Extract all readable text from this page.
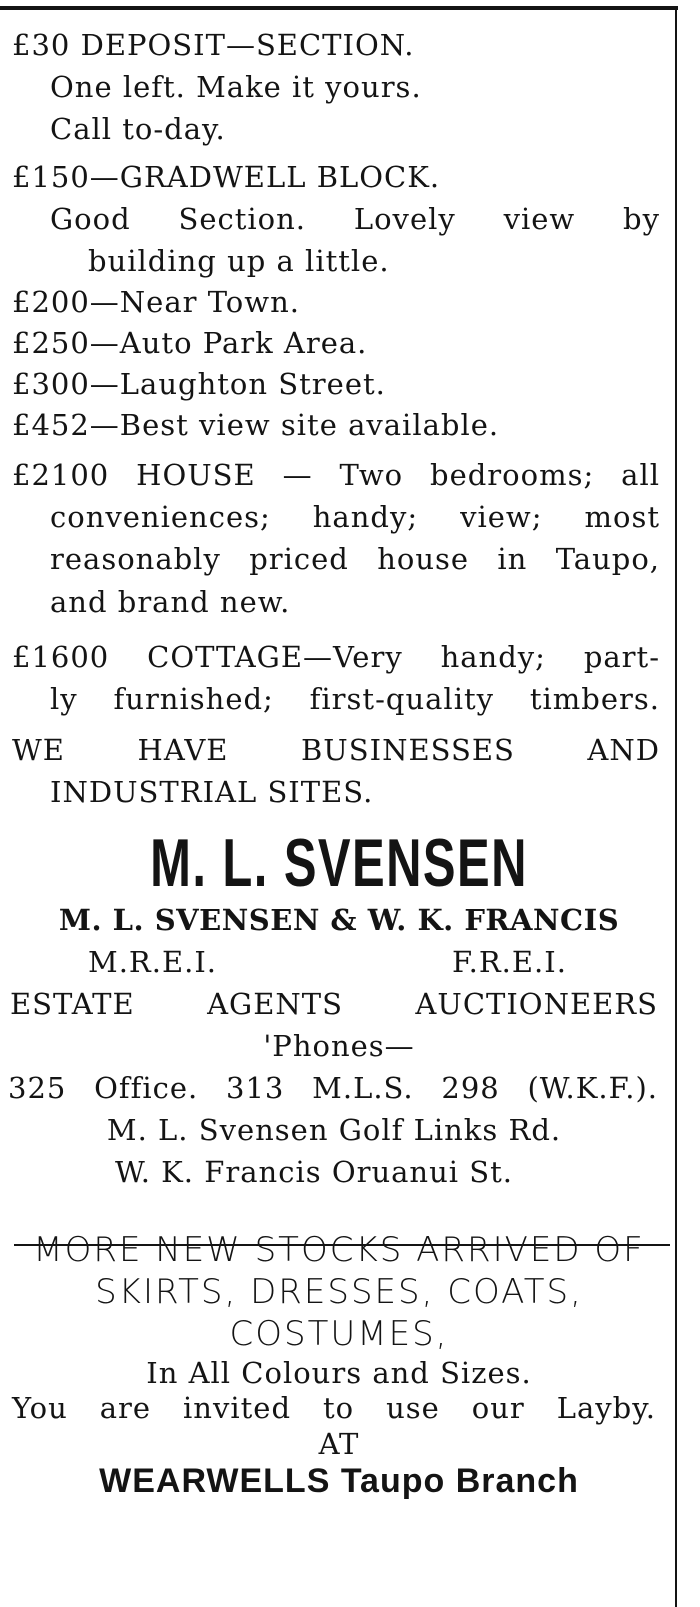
£30 DEPOSIT—SECTION.
One left. Make it yours.
Call to-day.
£150—GRADWELL BLOCK.
Good Section. Lovely view by
building up a little.
£200—Near Town.
£250—Auto Park Area.
£300—Laughton Street.
£452—Best view site available.
£2100 HOUSE — Two bedrooms; all
conveniences; handy; view; most
reasonably priced house in Taupo,
and brand new.
£1600 COTTAGE—Very handy; part-
ly furnished; first-quality timbers.
WE HAVE BUSINESSES AND
INDUSTRIAL SITES.
M. L. SVENSEN
M. L. SVENSEN & W. K. FRANCIS
M.R.E.I.	F.R.E.I.
ESTATE AGENTS AUCTIONEERS
'Phones—
325 Office. 313 M.L.S. 298 (W.K.F.).
M. L. Svensen Golf Links Rd.
W. K. Francis Oruanui St.
MORE NEW STOCKS ARRIVED OF
SKIRTS, DRESSES, COATS,
COSTUMES,
In All Colours and Sizes.
You are invited to use our Layby.
AT
WEARWELLS Taupo Branch
